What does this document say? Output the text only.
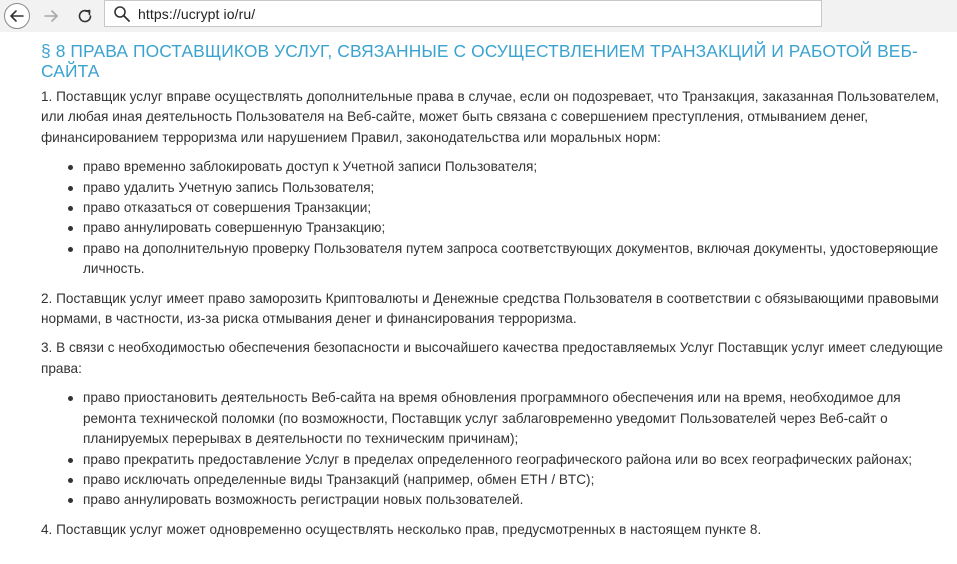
https://ucrypt io/ru/
§ 8 ПРАВА ПОСТАВЩИКОВ УСЛУГ, СВЯЗАННЫЕ С ОСУЩЕСТВЛЕНИЕМ ТРАНЗАКЦИЙ И РАБОТОЙ ВЕБ-САЙТА

1. Поставщик услуг вправе осуществлять дополнительные права в случае, если он подозревает, что Транзакция, заказанная Пользователем, или любая иная деятельность Пользователя на Веб-сайте, может быть связана с совершением преступления, отмыванием денег, финансированием терроризма или нарушением Правил, законодательства или моральных норм:

право временно заблокировать доступ к Учетной записи Пользователя;
право удалить Учетную запись Пользователя;
право отказаться от совершения Транзакции;
право аннулировать совершенную Транзакцию;
право на дополнительную проверку Пользователя путем запроса соответствующих документов, включая документы, удостоверяющие личность.

2. Поставщик услуг имеет право заморозить Криптовалюты и Денежные средства Пользователя в соответствии с обязывающими правовыми нормами, в частности, из-за риска отмывания денег и финансирования терроризма.

3. В связи с необходимостью обеспечения безопасности и высочайшего качества предоставляемых Услуг Поставщик услуг имеет следующие права:

право приостановить деятельность Веб-сайта на время обновления программного обеспечения или на время, необходимое для ремонта технической поломки (по возможности, Поставщик услуг заблаговременно уведомит Пользователей через Веб-сайт о планируемых перерывах в деятельности по техническим причинам);
право прекратить предоставление Услуг в пределах определенного географического района или во всех географических районах;
право исключать определенные виды Транзакций (например, обмен ETH / BTC);
право аннулировать возможность регистрации новых пользователей.

4. Поставщик услуг может одновременно осуществлять несколько прав, предусмотренных в настоящем пункте 8.
